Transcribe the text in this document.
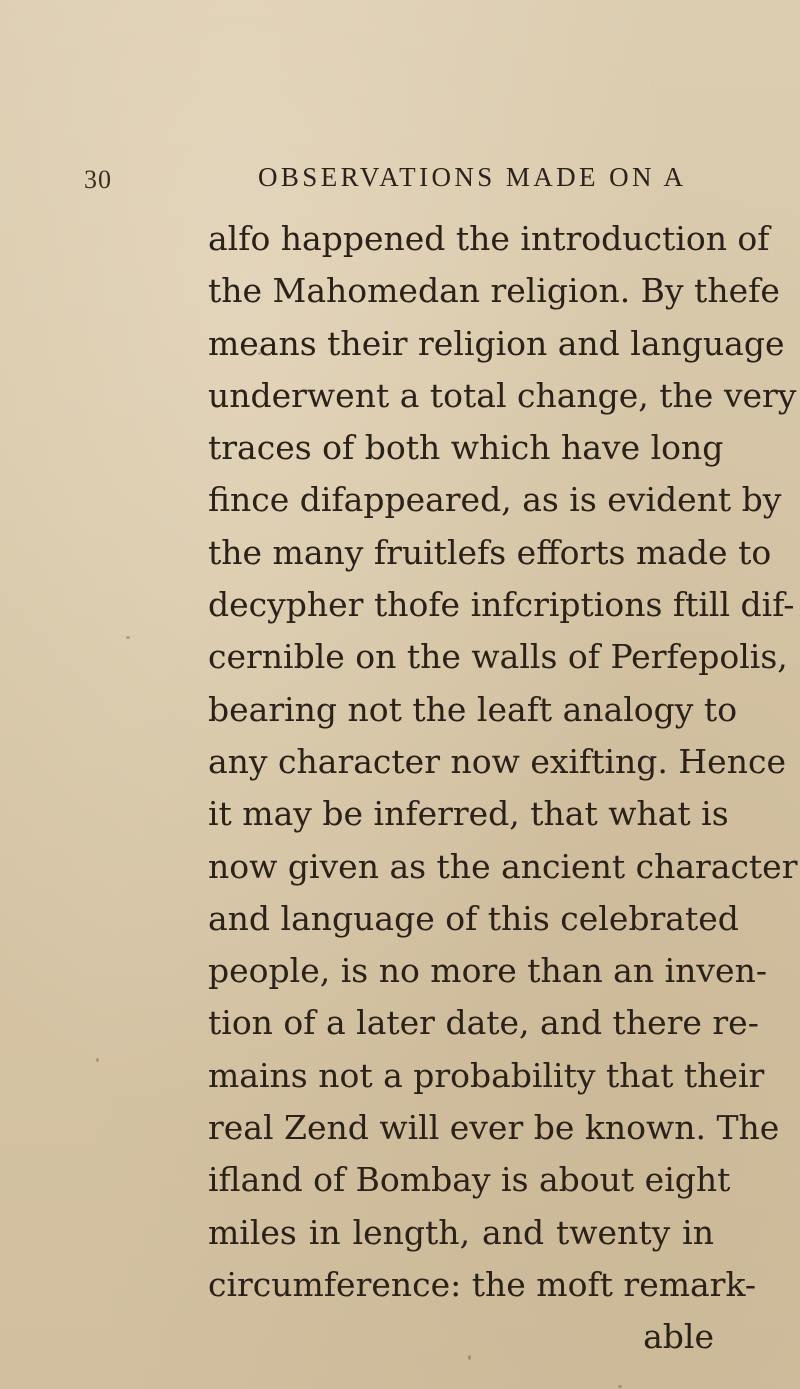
30	OBSERVATIONS MADE ON A
alfo happened the introduction of
the Mahomedan religion. By thefe
means their religion and language
underwent a total change, the very
traces of both which have long
fince difappeared, as is evident by
the many fruitlefs efforts made to
decypher thofe infcriptions ftill dif-
cernible on the walls of Perfepolis,
bearing not the leaft analogy to
any character now exifting. Hence
it may be inferred, that what is
now given as the ancient character
and language of this celebrated
people, is no more than an inven-
tion of a later date, and there re-
mains not a probability that their
real Zend will ever be known. The
ifland of Bombay is about eight
miles in length, and twenty in
circumference: the moft remark-
able
